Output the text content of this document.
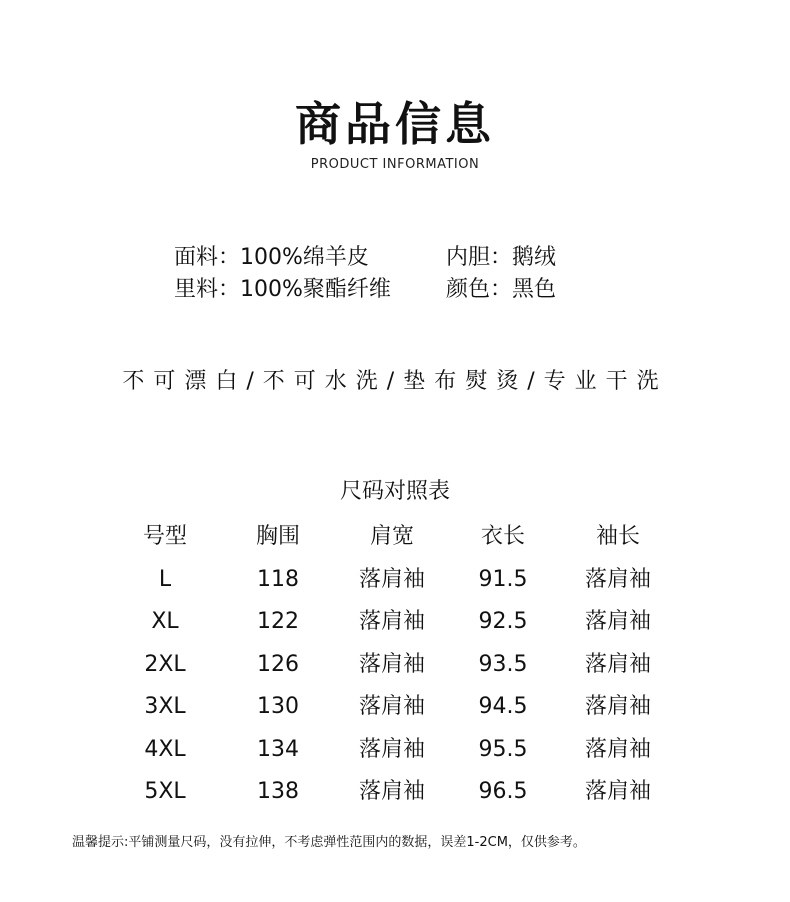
商品信息
PRODUCT INFORMATION
面料：100%绵羊皮	内胆：鹅绒
里料：100%聚酯纤维	颜色：黑色
不可漂白/不可水洗/垫布熨烫/专业干洗
尺码对照表
号型	胸围	肩宽	衣长	袖长
L	118	落肩袖	91.5	落肩袖
XL	122	落肩袖	92.5	落肩袖
2XL	126	落肩袖	93.5	落肩袖
3XL	130	落肩袖	94.5	落肩袖
4XL	134	落肩袖	95.5	落肩袖
5XL	138	落肩袖	96.5	落肩袖
温馨提示:平铺测量尺码，没有拉伸，不考虑弹性范围内的数据，误差1-2CM，仅供参考。
